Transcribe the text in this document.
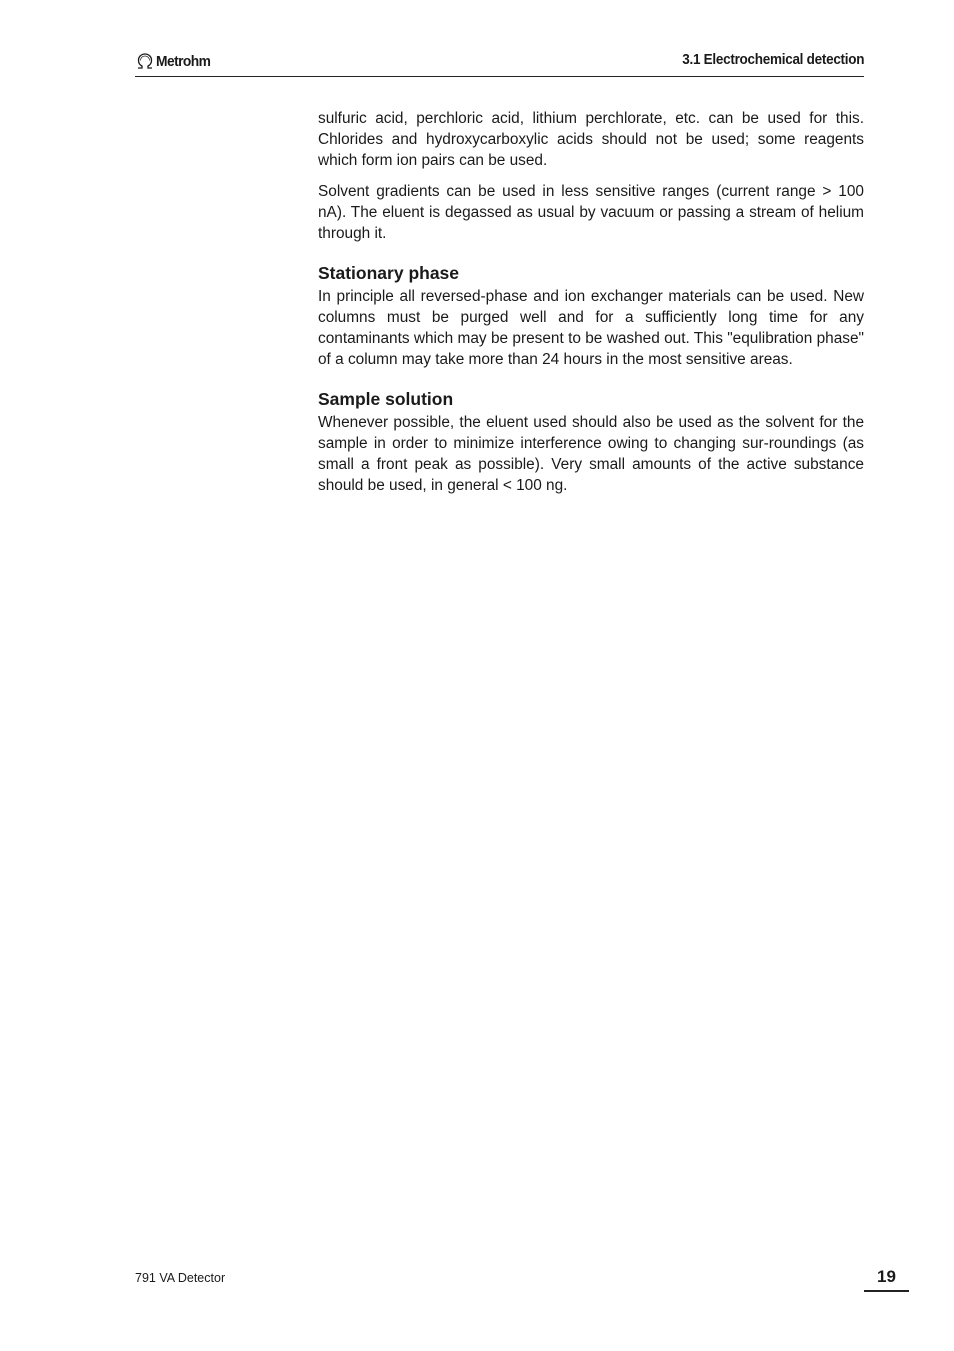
Metrohm	3.1 Electrochemical detection

sulfuric acid, perchloric acid, lithium perchlorate, etc. can be used for this. Chlorides and hydroxycarboxylic acids should not be used; some reagents which form ion pairs can be used.

Solvent gradients can be used in less sensitive ranges (current range > 100 nA). The eluent is degassed as usual by vacuum or passing a stream of helium through it.

Stationary phase

In principle all reversed-phase and ion exchanger materials can be used. New columns must be purged well and for a sufficiently long time for any contaminants which may be present to be washed out. This "equlibration phase" of a column may take more than 24 hours in the most sensitive areas.

Sample solution

Whenever possible, the eluent used should also be used as the solvent for the sample in order to minimize interference owing to changing sur-roundings (as small a front peak as possible). Very small amounts of the active substance should be used, in general < 100 ng.

791 VA Detector	19
